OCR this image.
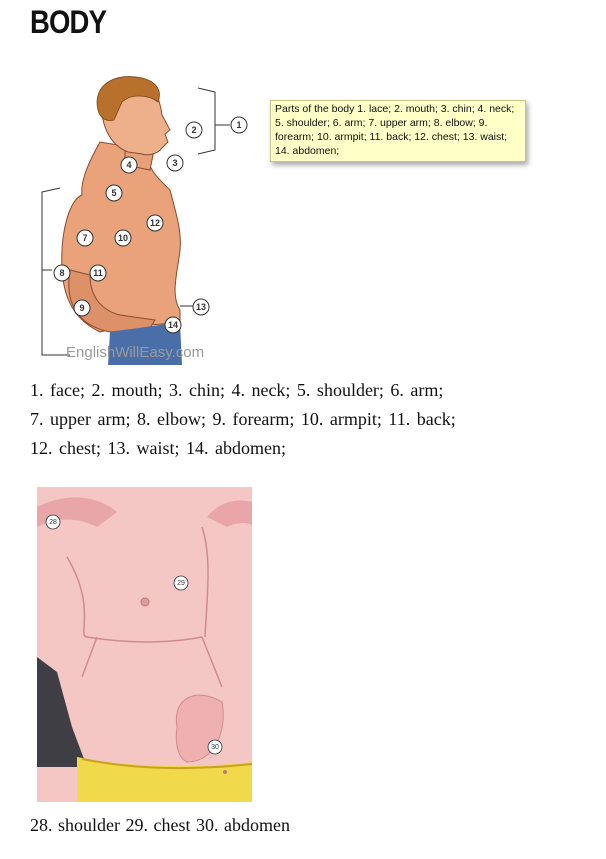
BODY
1
2
3
4
5
7
8
9
10
11
12
13
14
EnglishWillEasy.com
Parts of the body 1. lace; 2. mouth; 3. chin; 4. neck; 5. shoulder; 6. arm; 7. upper arm; 8. elbow; 9. forearm; 10. armpit; 11. back; 12. chest; 13. waist; 14. abdomen;
1. face; 2. mouth; 3. chin; 4. neck; 5. shoulder; 6. arm;
7. upper arm; 8. elbow; 9. forearm; 10. armpit; 11. back;
12. chest; 13. waist; 14. abdomen;
28
29
30
28. shoulder 29. chest 30. abdomen
